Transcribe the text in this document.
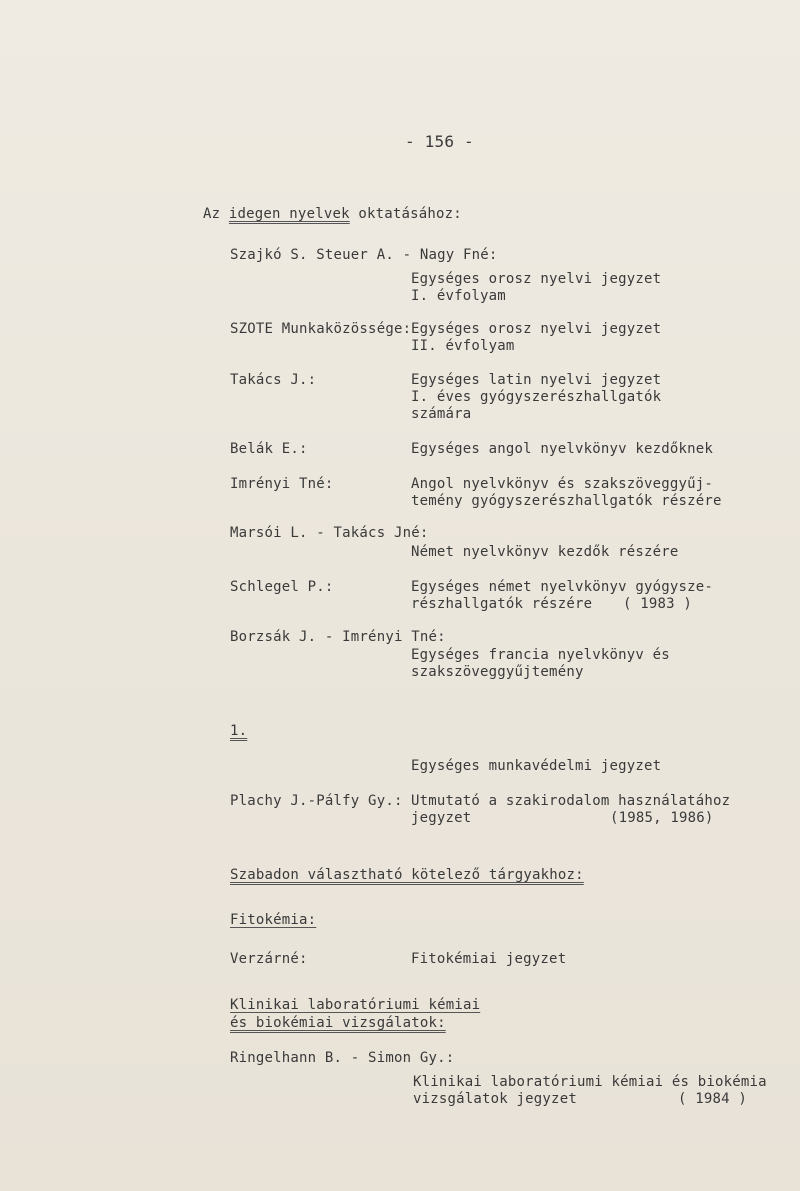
- 156 -
Az idegen nyelvek oktatásához:
Szajkó S. Steuer A. - Nagy Fné:
Egységes orosz nyelvi jegyzet
I. évfolyam
SZOTE Munkaközössége: Egységes orosz nyelvi jegyzet
II. évfolyam
Takács J.:	Egységes latin nyelvi jegyzet
I. éves gyógyszerészhallgatók
számára
Belák E.:	Egységes angol nyelvkönyv kezdőknek
Imrényi Tné:	Angol nyelvkönyv és szakszöveggyűj-
temény gyógyszerészhallgatók részére
Marsói L. - Takács Jné:
Német nyelvkönyv kezdők részére
Schlegel P.:	Egységes német nyelvkönyv gyógysze-
részhallgatók részére ( 1983 )
Borzsák J. - Imrényi Tné:
Egységes francia nyelvkönyv és
szakszöveggyűjtemény
1.
Egységes munkavédelmi jegyzet
Plachy J.-Pálfy Gy.: Utmutató a szakirodalom használatához
jegyzet	(1985, 1986)
Szabadon választható kötelező tárgyakhoz:
Fitokémia:
Verzárné:	Fitokémiai jegyzet
Klinikai laboratóriumi kémiai
és biokémiai vizsgálatok:
Ringelhann B. - Simon Gy.:
Klinikai laboratóriumi kémiai és biokémia
vizsgálatok jegyzet	( 1984 )
